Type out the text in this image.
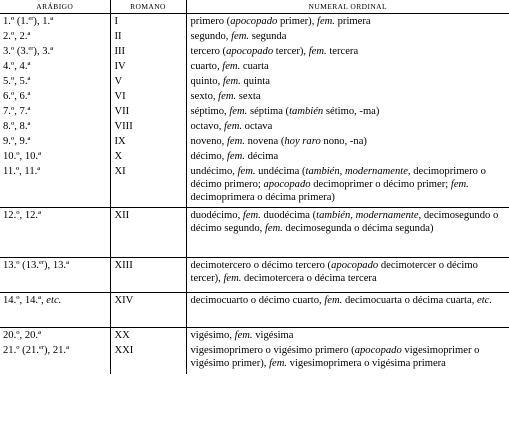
ARÁBIGO	ROMANO	NUMERAL ORDINAL
1.º (1.$^{er}$), 1.ª	I	primero (apocopado primer), fem. primera
2.º, 2.ª	II	segundo, fem. segunda
3.º (3.$^{er}$), 3.ª	III	tercero (apocopado tercer), fem. tercera
4.º, 4.ª	IV	cuarto, fem. cuarta
5.º, 5.ª	V	quinto, fem. quinta
6.º, 6.ª	VI	sexto, fem. sexta
7.º, 7.ª	VII	séptimo, fem. séptima (también sétimo, -ma)
8.º, 8.ª	VIII	octavo, fem. octava
9.º, 9.ª	IX	noveno, fem. novena (hoy raro nono, -na)
10.º, 10.ª	X	décimo, fem. décima
11.º, 11.ª	XI	undécimo, fem. undécima (también, modernamente, decimoprimero o décimo primero; apocopado decimoprimer o décimo primer; fem. decimoprimera o décima primera)
12.º, 12.ª	XII	duodécimo, fem. duodécima (también, modernamente, decimosegundo o décimo segundo, fem. decimosegunda o décima segunda)
13.º (13.$^{er}$), 13.ª	XIII	decimotercero o décimo tercero (apocopado decimotercer o décimo tercer), fem. decimotercera o décima tercera
14.º, 14.ª, etc.	XIV	decimocuarto o décimo cuarto, fem. decimocuarta o décima cuarta, etc.
20.º, 20.ª	XX	vigésimo, fem. vigésima
21.º (21.$^{er}$), 21.ª	XXI	vigesimoprimero o vigésimo primero (apocopado vigesimoprimer o vigésimo primer), fem. vigesimoprimera o vigésima primera
